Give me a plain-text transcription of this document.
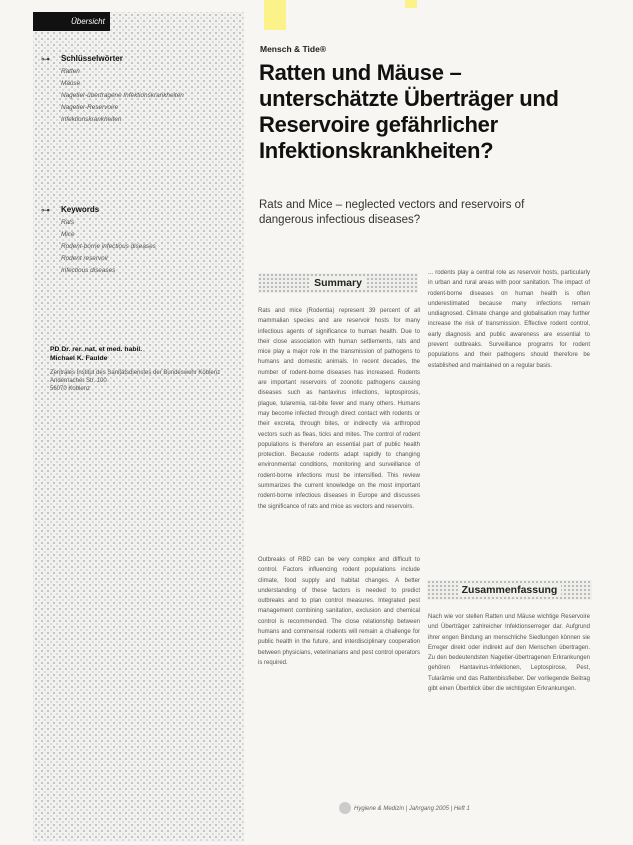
Übersicht
⊶ Schlüsselwörter
Ratten
Mäuse
Nagetier-übertragene Infektionskrankheiten
Nagetier-Reservoire
Infektionskrankheiten
⊶ Keywords
Rats
Mice
Rodent-borne infectious diseases
Rodent reservoir
Infectious diseases
PD Dr. rer. nat. et med. habil.
Michael K. Faulde
Zentrales Institut des Sanitätsdienstes der Bundeswehr Koblenz
Andernacher Str. 100
56070 Koblenz
Mensch & Tide®
Ratten und Mäuse – unterschätzte Überträger und Reservoire gefährlicher Infektionskrankheiten?

Rats and Mice – neglected vectors and reservoirs of dangerous infectious diseases?

Summary

Rats and mice (Rodentia) represent 39 percent of all mammalian species and are reservoir hosts for many infectious agents of significance to human health. Due to their close association with human settlements, rats and mice play a major role in the transmission of pathogens to humans and domestic animals. In recent decades, the number of rodent-borne diseases has increased. Rodents are important reservoirs of zoonotic pathogens causing diseases such as hantavirus infections, leptospirosis, plague, tularemia, rat-bite fever and many others. Humans may become infected through direct contact with rodents or their excreta, through bites, or indirectly via arthropod vectors such as fleas, ticks and mites. The control of rodent populations is therefore an essential part of public health protection. Because rodents adapt rapidly to changing environmental conditions, monitoring and surveillance of rodent-borne infections must be intensified. This review summarizes the current knowledge on the most important rodent-borne infectious diseases in Europe and discusses the significance of rats and mice as vectors and reservoirs.

Outbreaks of RBD can be very complex and difficult to control. Factors influencing rodent populations include climate, food supply and habitat changes. A better understanding of these factors is needed to predict outbreaks and to plan control measures. Integrated pest management combining sanitation, exclusion and chemical control is recommended. The close relationship between humans and commensal rodents will remain a challenge for public health in the future, and interdisciplinary cooperation between physicians, veterinarians and pest control operators is required.

... rodents play a central role as reservoir hosts, particularly in urban and rural areas with poor sanitation. The impact of rodent-borne diseases on human health is often underestimated because many infections remain undiagnosed. Climate change and globalisation may further increase the risk of transmission. Effective rodent control, early diagnosis and public awareness are essential to prevent outbreaks. Surveillance programs for rodent populations and their pathogens should therefore be established and maintained on a regular basis.

Zusammenfassung

Nach wie vor stellen Ratten und Mäuse wichtige Reservoire und Überträger zahlreicher Infektionserreger dar. Aufgrund ihrer engen Bindung an menschliche Siedlungen können sie Erreger direkt oder indirekt auf den Menschen übertragen. Zu den bedeutendsten Nagetier-übertragenen Erkrankungen gehören Hantavirus-Infektionen, Leptospirose, Pest, Tularämie und das Rattenbissfieber. Der vorliegende Beitrag gibt einen Überblick über die wichtigsten Erkrankungen.

Hygiene & Medizin | Jahrgang 2005 | Heft 1
